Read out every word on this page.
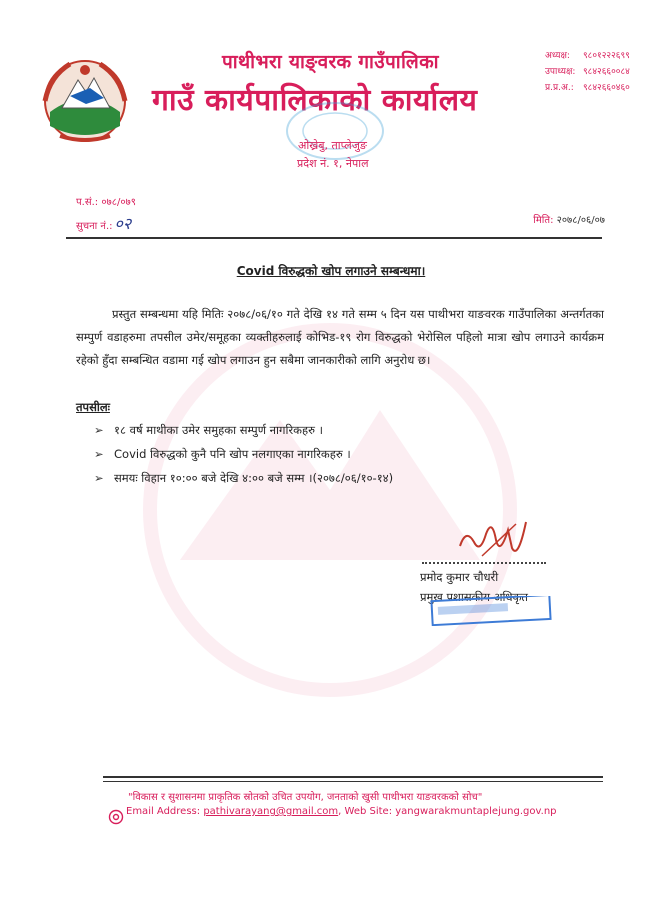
पाथीभरा याङ्वरक गाउँपालिका
गाउँ कार्यपालिकाको कार्यालय
ओख्रेबु, ताप्लेजुङ
प्रदेश नं. १, नेपाल
अध्यक्ष: ९८०१२२२६९९
उपाध्यक्ष: ९८४२६६००८४
प्र.प्र.अ.: ९८४२६६०४६०
प.सं.: ०७८/०७९
सुचना नं.: ०२	मिति: २०७८/०६/०७
Covid विरुद्धको खोप लगाउने सम्बन्धमा।
प्रस्तुत सम्बन्धमा यहि मितिः २०७८/०६/१० गते देखि १४ गते सम्म ५ दिन यस पाथीभरा याङवरक गाउँपालिका अन्तर्गतका सम्पुर्ण वडाहरुमा तपसील उमेर/समूहका व्यक्तीहरुलाई कोभिड-१९ रोग विरुद्धको भेरोसिल पहिलो मात्रा खोप लगाउने कार्यक्रम रहेको हुँदा सम्बन्धित वडामा गई खोप लगाउन हुन सबैमा जानकारीको लागि अनुरोध छ।
तपसीलः
➢ १८ वर्ष माथीका उमेर समुहका सम्पुर्ण नागरिकहरु ।
➢ Covid विरुद्धको कुनै पनि खोप नलगाएका नागरिकहरु ।
➢ समयः विहान १०:०० बजे देखि ४:०० बजे सम्म ।(२०७८/०६/१०-१४)
प्रमोद कुमार चौधरी
प्रमुख प्रशासकीय अधिकृत
"विकास र सुशासनमा प्राकृतिक स्रोतको उचित उपयोग, जनताको खुसी पाथीभरा याङवरकको सोच"
Email Address: pathivarayang@gmail.com, Web Site: yangwarakmuntaplejung.gov.np
